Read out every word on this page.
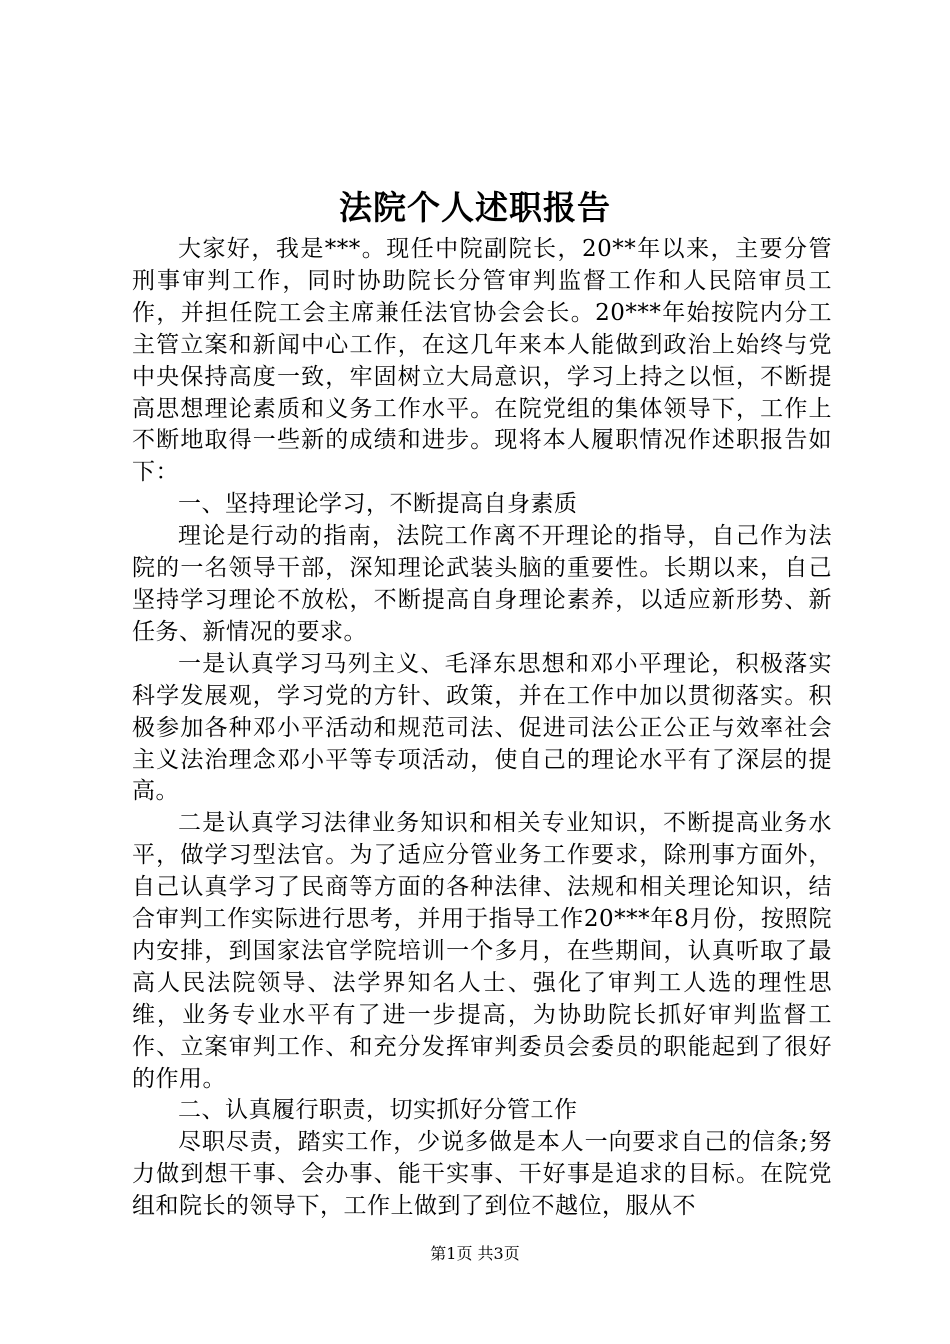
法院个人述职报告

大家好，我是***。现任中院副院长，20**年以来，主要分管刑事审判工作，同时协助院长分管审判监督工作和人民陪审员工作，并担任院工会主席兼任法官协会会长。20***年始按院内分工主管立案和新闻中心工作，在这几年来本人能做到政治上始终与党中央保持高度一致，牢固树立大局意识，学习上持之以恒，不断提高思想理论素质和义务工作水平。在院党组的集体领导下，工作上不断地取得一些新的成绩和进步。现将本人履职情况作述职报告如下：

一、坚持理论学习，不断提高自身素质

理论是行动的指南，法院工作离不开理论的指导，自己作为法院的一名领导干部，深知理论武装头脑的重要性。长期以来，自己坚持学习理论不放松，不断提高自身理论素养，以适应新形势、新任务、新情况的要求。

一是认真学习马列主义、毛泽东思想和邓小平理论，积极落实科学发展观，学习党的方针、政策，并在工作中加以贯彻落实。积极参加各种邓小平活动和规范司法、促进司法公正公正与效率社会主义法治理念邓小平等专项活动，使自己的理论水平有了深层的提高。

二是认真学习法律业务知识和相关专业知识，不断提高业务水平，做学习型法官。为了适应分管业务工作要求，除刑事方面外，自己认真学习了民商等方面的各种法律、法规和相关理论知识，结合审判工作实际进行思考，并用于指导工作20***年8月份，按照院内安排，到国家法官学院培训一个多月，在些期间，认真听取了最高人民法院领导、法学界知名人士、强化了审判工人选的理性思维，业务专业水平有了进一步提高，为协助院长抓好审判监督工作、立案审判工作、和充分发挥审判委员会委员的职能起到了很好的作用。

二、认真履行职责，切实抓好分管工作

尽职尽责，踏实工作，少说多做是本人一向要求自己的信条;努力做到想干事、会办事、能干实事、干好事是追求的目标。在院党组和院长的领导下，工作上做到了到位不越位，服从不

第1页 共3页
